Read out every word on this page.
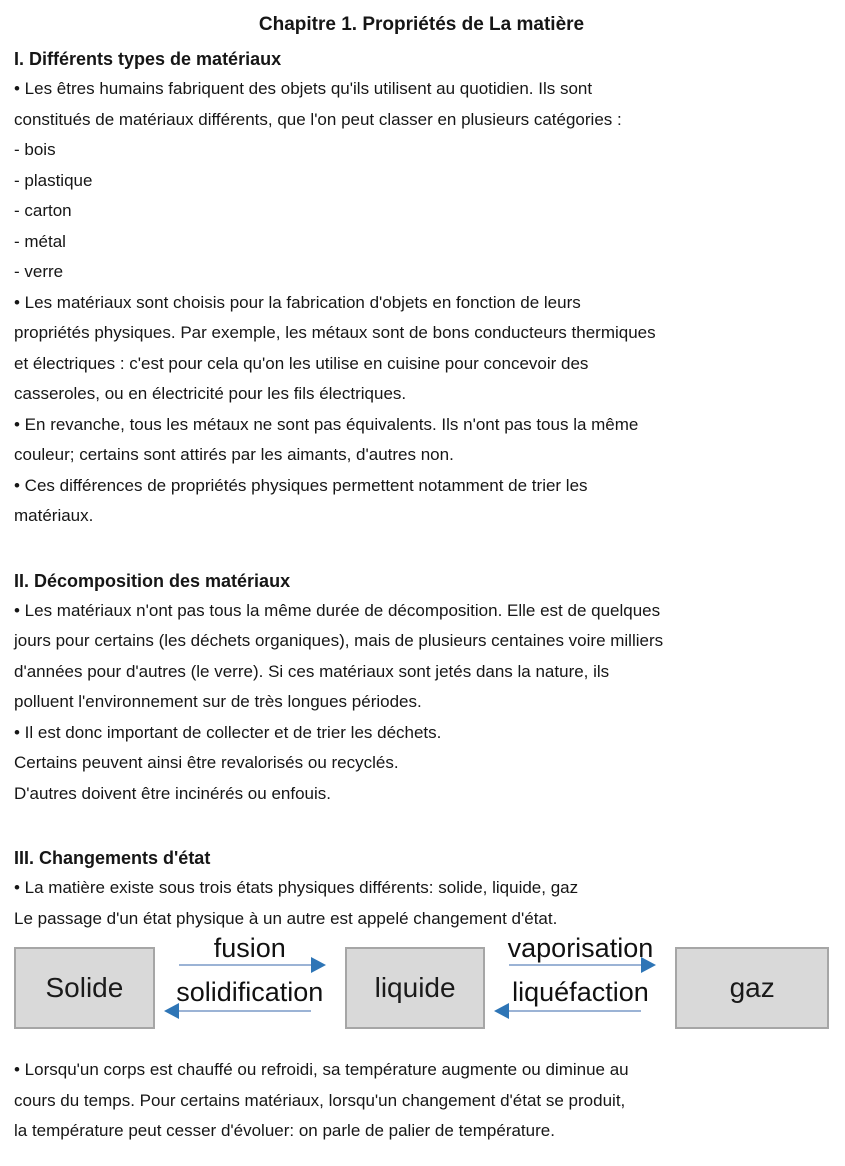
Chapitre 1. Propriétés de La matière
I. Différents types de matériaux
• Les êtres humains fabriquent des objets qu'ils utilisent au quotidien. Ils sont
constitués de matériaux différents, que l'on peut classer en plusieurs catégories :
- bois
- plastique
- carton
- métal
- verre
• Les matériaux sont choisis pour la fabrication d'objets en fonction de leurs
propriétés physiques. Par exemple, les métaux sont de bons conducteurs thermiques
et électriques : c'est pour cela qu'on les utilise en cuisine pour concevoir des
casseroles, ou en électricité pour les fils électriques.
• En revanche, tous les métaux ne sont pas équivalents. Ils n'ont pas tous la même
couleur; certains sont attirés par les aimants, d'autres non.
• Ces différences de propriétés physiques permettent notamment de trier les
matériaux.
II. Décomposition des matériaux
• Les matériaux n'ont pas tous la même durée de décomposition. Elle est de quelques
jours pour certains (les déchets organiques), mais de plusieurs centaines voire milliers
d'années pour d'autres (le verre). Si ces matériaux sont jetés dans la nature, ils
polluent l'environnement sur de très longues périodes.
• Il est donc important de collecter et de trier les déchets.
Certains peuvent ainsi être revalorisés ou recyclés.
D'autres doivent être incinérés ou enfouis.
III. Changements d'état
• La matière existe sous trois états physiques différents: solide, liquide, gaz
Le passage d'un état physique à un autre est appelé changement d'état.
Solide
fusion
solidification	liquide
vaporisation
liquéfaction	gaz
• Lorsqu'un corps est chauffé ou refroidi, sa température augmente ou diminue au
cours du temps. Pour certains matériaux, lorsqu'un changement d'état se produit,
la température peut cesser d'évoluer: on parle de palier de température.
